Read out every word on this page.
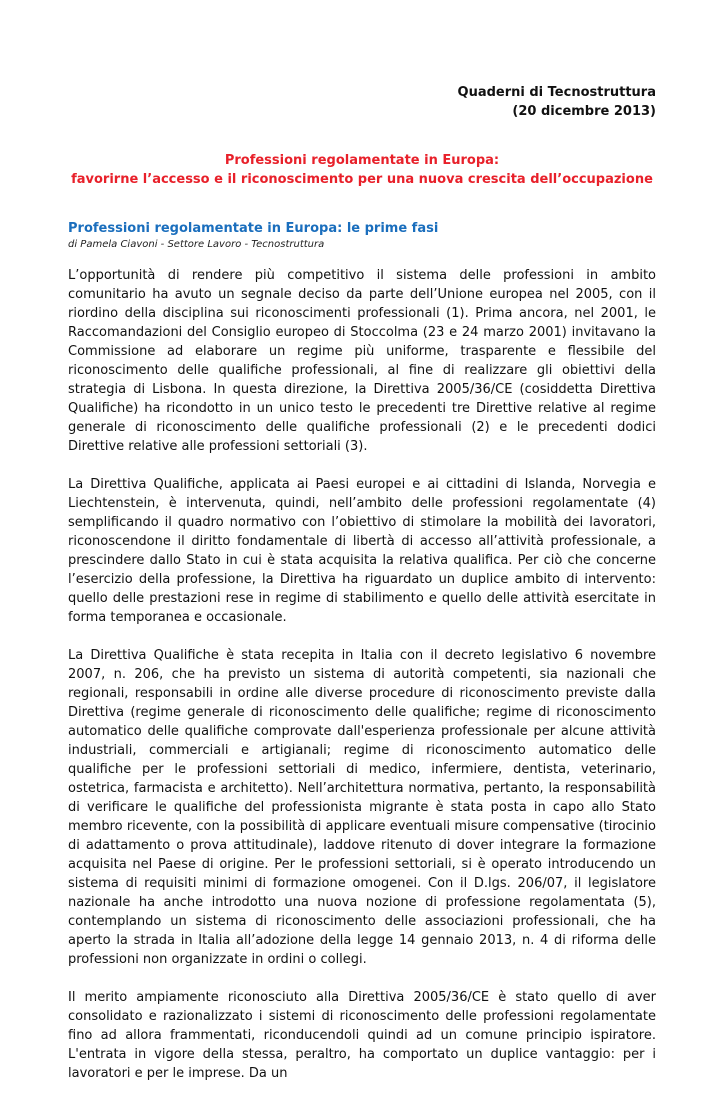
Quaderni di Tecnostruttura
(20 dicembre 2013)
Professioni regolamentate in Europa:
favorirne l’accesso e il riconoscimento per una nuova crescita dell’occupazione
Professioni regolamentate in Europa: le prime fasi
di Pamela Ciavoni - Settore Lavoro - Tecnostruttura

L’opportunità di rendere più competitivo il sistema delle professioni in ambito comunitario ha avuto un segnale deciso da parte dell’Unione europea nel 2005, con il riordino della disciplina sui riconoscimenti professionali (1). Prima ancora, nel 2001, le Raccomandazioni del Consiglio europeo di Stoccolma (23 e 24 marzo 2001) invitavano la Commissione ad elaborare un regime più uniforme, trasparente e flessibile del riconoscimento delle qualifiche professionali, al fine di realizzare gli obiettivi della strategia di Lisbona. In questa direzione, la Direttiva 2005/36/CE (cosiddetta Direttiva Qualifiche) ha ricondotto in un unico testo le precedenti tre Direttive relative al regime generale di riconoscimento delle qualifiche professionali (2) e le precedenti dodici Direttive relative alle professioni settoriali (3).

La Direttiva Qualifiche, applicata ai Paesi europei e ai cittadini di Islanda, Norvegia e Liechtenstein, è intervenuta, quindi, nell’ambito delle professioni regolamentate (4) semplificando il quadro normativo con l’obiettivo di stimolare la mobilità dei lavoratori, riconoscendone il diritto fondamentale di libertà di accesso all’attività professionale, a prescindere dallo Stato in cui è stata acquisita la relativa qualifica. Per ciò che concerne l’esercizio della professione, la Direttiva ha riguardato un duplice ambito di intervento: quello delle prestazioni rese in regime di stabilimento e quello delle attività esercitate in forma temporanea e occasionale.

La Direttiva Qualifiche è stata recepita in Italia con il decreto legislativo 6 novembre 2007, n. 206, che ha previsto un sistema di autorità competenti, sia nazionali che regionali, responsabili in ordine alle diverse procedure di riconoscimento previste dalla Direttiva (regime generale di riconoscimento delle qualifiche; regime di riconoscimento automatico delle qualifiche comprovate dall'esperienza professionale per alcune attività industriali, commerciali e artigianali; regime di riconoscimento automatico delle qualifiche per le professioni settoriali di medico, infermiere, dentista, veterinario, ostetrica, farmacista e architetto). Nell’architettura normativa, pertanto, la responsabilità di verificare le qualifiche del professionista migrante è stata posta in capo allo Stato membro ricevente, con la possibilità di applicare eventuali misure compensative (tirocinio di adattamento o prova attitudinale), laddove ritenuto di dover integrare la formazione acquisita nel Paese di origine. Per le professioni settoriali, si è operato introducendo un sistema di requisiti minimi di formazione omogenei. Con il D.lgs. 206/07, il legislatore nazionale ha anche introdotto una nuova nozione di professione regolamentata (5), contemplando un sistema di riconoscimento delle associazioni professionali, che ha aperto la strada in Italia all’adozione della legge 14 gennaio 2013, n. 4 di riforma delle professioni non organizzate in ordini o collegi.

Il merito ampiamente riconosciuto alla Direttiva 2005/36/CE è stato quello di aver consolidato e razionalizzato i sistemi di riconoscimento delle professioni regolamentate fino ad allora frammentati, riconducendoli quindi ad un comune principio ispiratore. L'entrata in vigore della stessa, peraltro, ha comportato un duplice vantaggio: per i lavoratori e per le imprese. Da un
